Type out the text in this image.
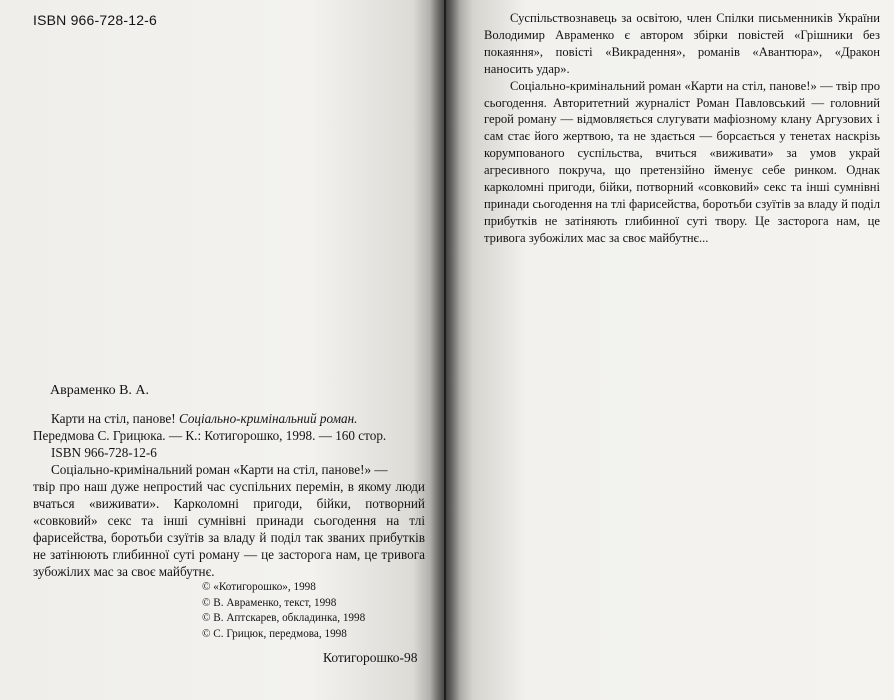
ISBN 966-728-12-6
Авраменко В. А.
Карти на стіл, панове! Соціально-кримінальний роман.
Передмова С. Грицюка. — К.: Котигорошко, 1998. — 160 стор.
ISBN 966-728-12-6
Соціально-кримінальний роман «Карти на стіл, панове!» —
твір про наш дуже непростий час суспільних перемін, в якому люди вчаться «виживати». Карколомні пригоди, бійки, потворний «совковий» секс та інші сумнівні принади сьогодення на тлі фарисейства, боротьби сзуїтів за владу й поділ так званих прибутків не затінюють глибинної суті роману — це засторога нам, це тривога зубожілих мас за своє майбутнє.
© «Котигорошко», 1998
© В. Авраменко, текст, 1998
© В. Аптскарев, обкладинка, 1998
© С. Грицюк, передмова, 1998
Котигорошко-98

Суспільствознавець за освітою, член Спілки письменників України Володимир Авраменко є автором збірки повістей «Грішники без покаяння», повісті «Викрадення», романів «Авантюра», «Дракон наносить удар».

Соціально-кримінальний роман «Карти на стіл, панове!» — твір про сьогодення. Авторитетний журналіст Роман Павловський — головний герой роману — відмовляється слугувати мафіозному клану Аргузових і сам стає його жертвою, та не здається — борсається у тенетах наскрізь корумпованого суспільства, вчиться «виживати» за умов украй агресивного покруча, що претензійно йменує себе ринком. Однак карколомні пригоди, бійки, потворний «совковий» секс та інші сумнівні принади сьогодення на тлі фарисейства, боротьби сзуїтів за владу й поділ прибутків не затіняють глибинної суті твору. Це засторога нам, це тривога зубожілих мас за своє майбутнє...
